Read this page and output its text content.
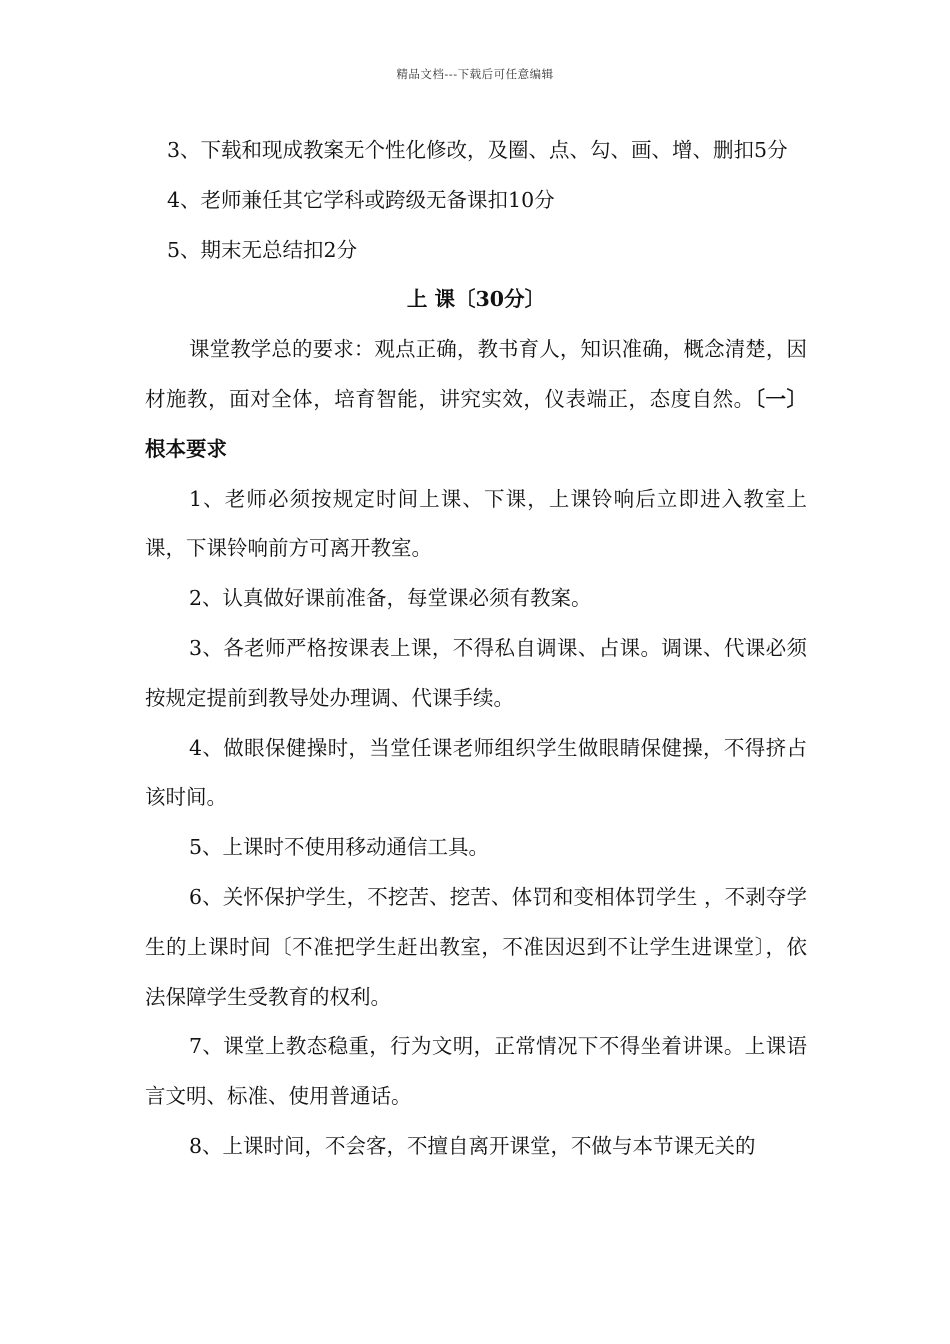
精品文档---下载后可任意编辑

3、下载和现成教案无个性化修改，及圈、点、勾、画、增、删扣5分

4、老师兼任其它学科或跨级无备课扣10分

5、期末无总结扣2分

上 课〔30分〕

课堂教学总的要求：观点正确，教书育人，知识准确，概念清楚，因材施教，面对全体，培育智能，讲究实效，仪表端正，态度自然。〔一〕根本要求

1、老师必须按规定时间上课、下课，上课铃响后立即进入教室上课，下课铃响前方可离开教室。

2、认真做好课前准备，每堂课必须有教案。

3、各老师严格按课表上课，不得私自调课、占课。调课、代课必须按规定提前到教导处办理调、代课手续。

4、做眼保健操时，当堂任课老师组织学生做眼睛保健操，不得挤占该时间。

5、上课时不使用移动通信工具。

6、关怀保护学生，不挖苦、挖苦、体罚和变相体罚学生 ，不剥夺学生的上课时间〔不准把学生赶出教室，不准因迟到不让学生进课堂〕，依法保障学生受教育的权利。

7、课堂上教态稳重，行为文明，正常情况下不得坐着讲课。上课语言文明、标准、使用普通话。

8、上课时间，不会客，不擅自离开课堂，不做与本节课无关的
